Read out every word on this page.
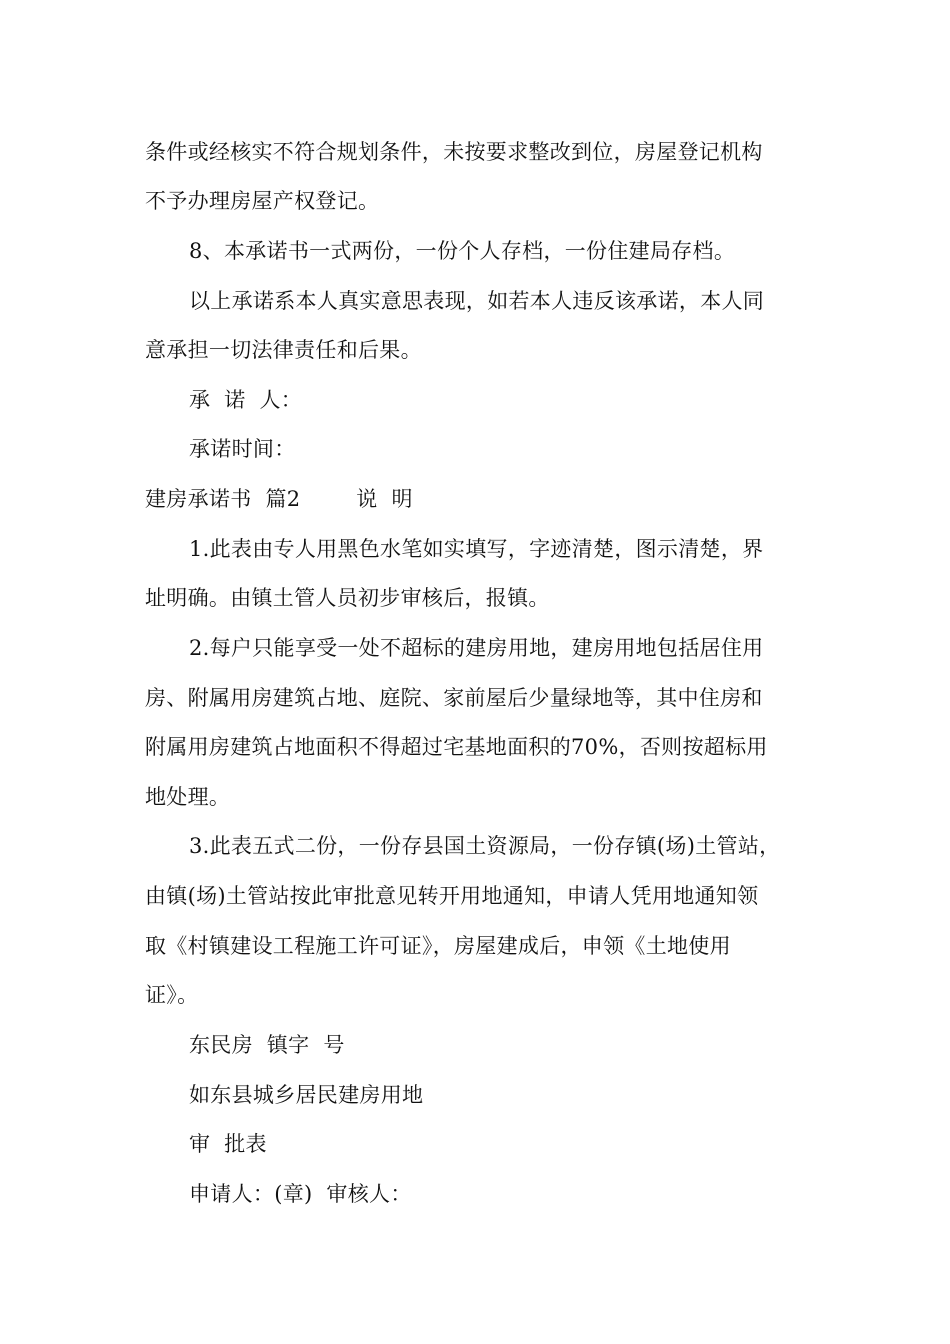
条件或经核实不符合规划条件，未按要求整改到位，房屋登记机构
不予办理房屋产权登记。
8、本承诺书一式两份，一份个人存档，一份住建局存档。
以上承诺系本人真实意思表现，如若本人违反该承诺，本人同
意承担一切法律责任和后果。
承  诺  人：
承诺时间：
建房承诺书  篇2        说  明
1.此表由专人用黑色水笔如实填写，字迹清楚，图示清楚，界
址明确。由镇土管人员初步审核后，报镇。
2.每户只能享受一处不超标的建房用地，建房用地包括居住用
房、附属用房建筑占地、庭院、家前屋后少量绿地等，其中住房和
附属用房建筑占地面积不得超过宅基地面积的70%，否则按超标用
地处理。
3.此表五式二份，一份存县国土资源局，一份存镇(场)土管站，
由镇(场)土管站按此审批意见转开用地通知，申请人凭用地通知领
取《村镇建设工程施工许可证》，房屋建成后，申领《土地使用
证》。
东民房  镇字  号
如东县城乡居民建房用地
审  批表
申请人：(章)  审核人：
